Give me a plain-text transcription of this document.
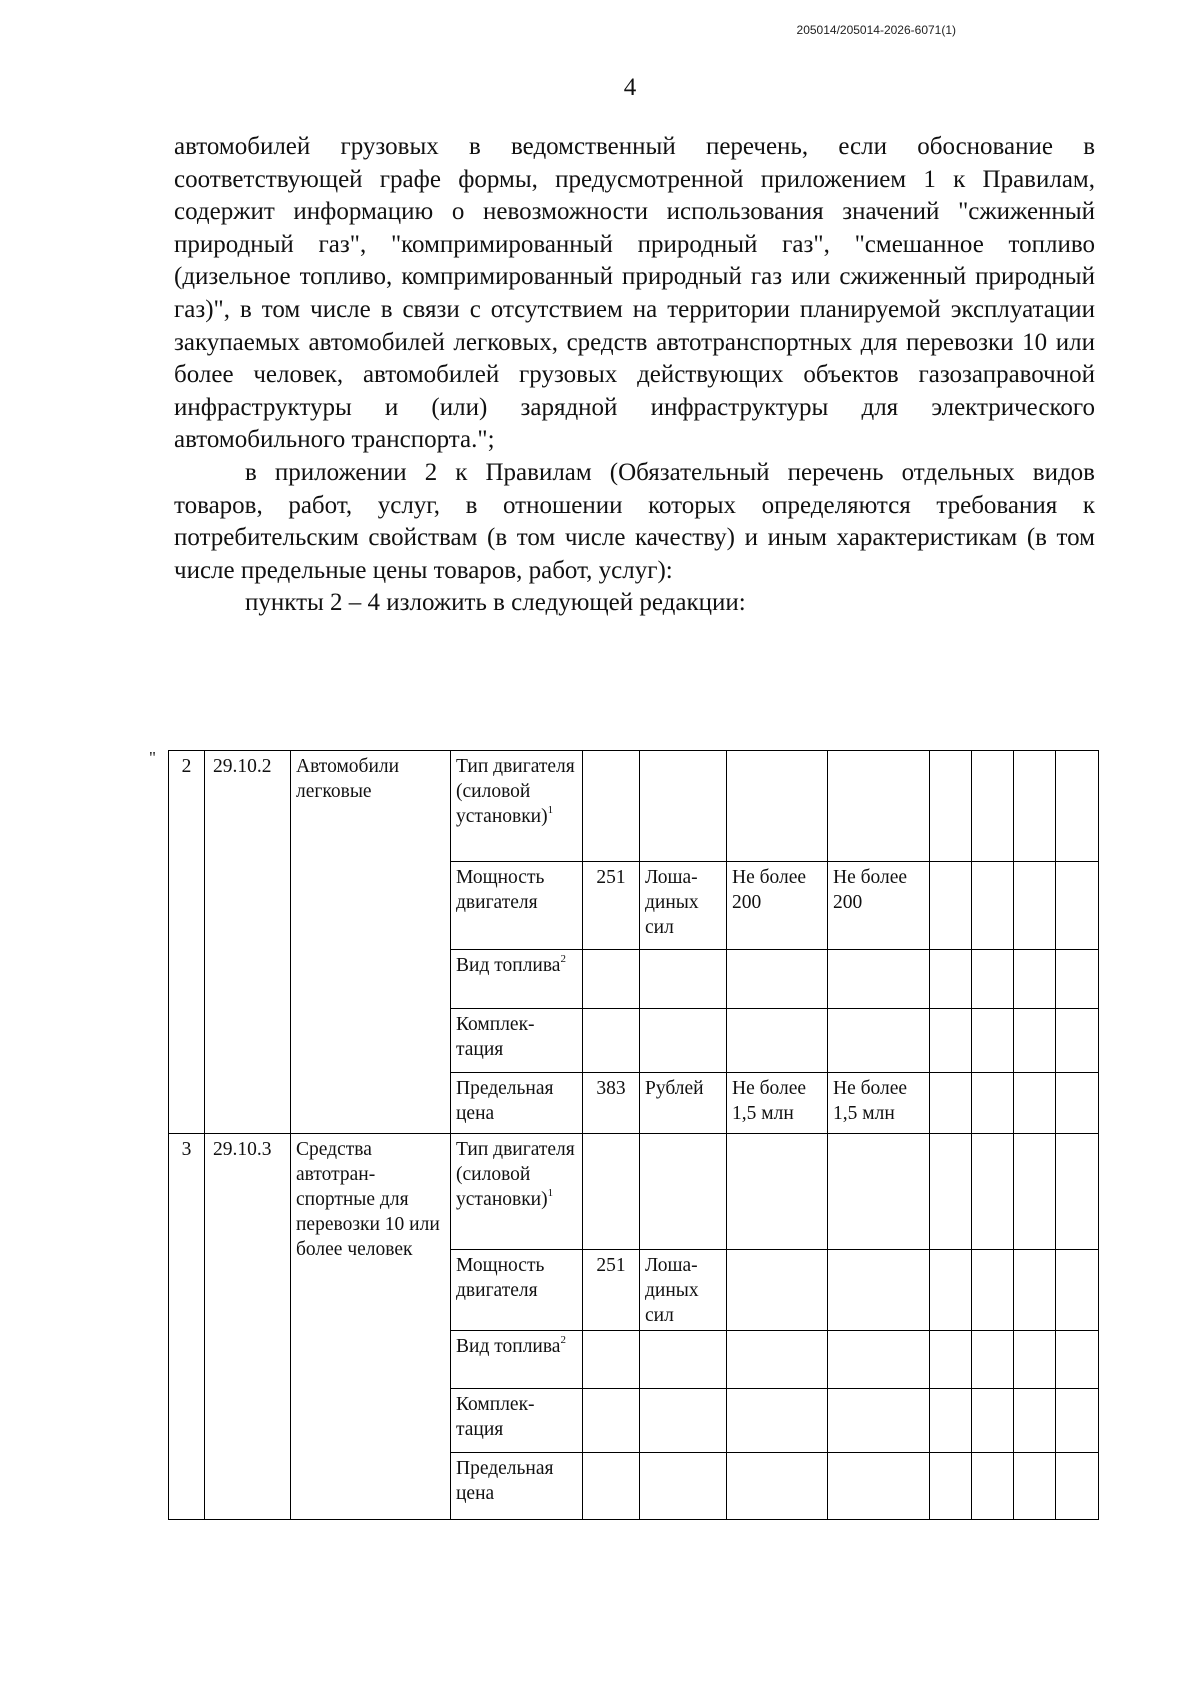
205014/205014-2026-6071(1)
4

автомобилей грузовых в ведомственный перечень, если обоснование в соответствующей графе формы, предусмотренной приложением 1 к Правилам, содержит информацию о невозможности использования значений "сжиженный природный газ", "компримированный природный газ", "смешанное топливо (дизельное топливо, компримированный природный газ или сжиженный природный газ)", в том числе в связи с отсутствием на территории планируемой эксплуатации закупаемых автомобилей легковых, средств автотранспортных для перевозки 10 или более человек, автомобилей грузовых действующих объектов газозаправочной инфраструктуры и (или) зарядной инфраструктуры для электрического автомобильного транспорта.";

в приложении 2 к Правилам (Обязательный перечень отдельных видов товаров, работ, услуг, в отношении которых определяются требования к потребительским свойствам (в том числе качеству) и иным характеристикам (в том числе предельные цены товаров, работ, услуг):

пункты 2 – 4 изложить в следующей редакции:

" 2	29.10.2	Автомобили легковые	Тип двигателя (силовой установки)$^1$								
			Мощность двигателя	251	Лоша-диных сил	Не более 200	Не более 200				
			Вид топлива$^2$								
			Комплек-тация								
			Предельная цена	383	Рублей	Не более 1,5 млн	Не более 1,5 млн				
3	29.10.3	Средства автотран-спортные для перевозки 10 или более человек	Тип двигателя (силовой установки)$^1$								
			Мощность двигателя	251	Лоша-диных сил						
			Вид топлива$^2$								
			Комплек-тация								
			Предельная цена								
